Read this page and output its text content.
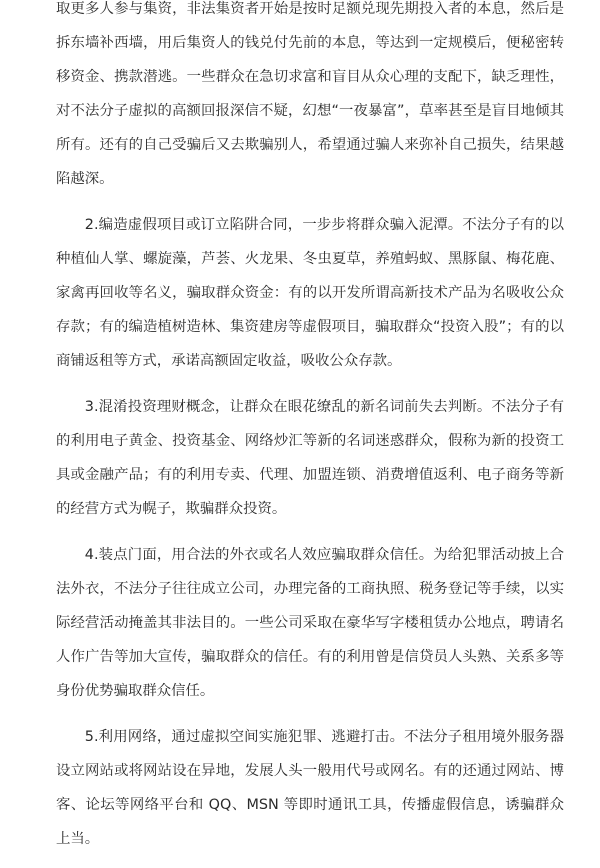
取更多人参与集资，非法集资者开始是按时足额兑现先期投入者的本息，然后是拆东墙补西墙，用后集资人的钱兑付先前的本息，等达到一定规模后，便秘密转移资金、携款潜逃。一些群众在急切求富和盲目从众心理的支配下，缺乏理性，对不法分子虚拟的高额回报深信不疑，幻想“一夜暴富”，草率甚至是盲目地倾其所有。还有的自己受骗后又去欺骗别人，希望通过骗人来弥补自己损失，结果越陷越深。

2.编造虚假项目或订立陷阱合同，一步步将群众骗入泥潭。不法分子有的以种植仙人掌、螺旋藻，芦荟、火龙果、冬虫夏草，养殖蚂蚁、黑豚鼠、梅花鹿、家禽再回收等名义，骗取群众资金：有的以开发所谓高新技术产品为名吸收公众存款；有的编造植树造林、集资建房等虚假项目，骗取群众“投资入股”；有的以商铺返租等方式，承诺高额固定收益，吸收公众存款。

3.混淆投资理财概念，让群众在眼花缭乱的新名词前失去判断。不法分子有的利用电子黄金、投资基金、网络炒汇等新的名词迷惑群众，假称为新的投资工具或金融产品；有的利用专卖、代理、加盟连锁、消费增值返利、电子商务等新的经营方式为幌子，欺骗群众投资。

4.装点门面，用合法的外衣或名人效应骗取群众信任。为给犯罪活动披上合法外衣，不法分子往往成立公司，办理完备的工商执照、税务登记等手续，以实际经营活动掩盖其非法目的。一些公司采取在豪华写字楼租赁办公地点，聘请名人作广告等加大宣传，骗取群众的信任。有的利用曾是信贷员人头熟、关系多等身份优势骗取群众信任。

5.利用网络，通过虚拟空间实施犯罪、逃避打击。不法分子租用境外服务器设立网站或将网站设在异地，发展人头一般用代号或网名。有的还通过网站、博客、论坛等网络平台和 QQ、MSN 等即时通讯工具，传播虚假信息，诱骗群众上当。
